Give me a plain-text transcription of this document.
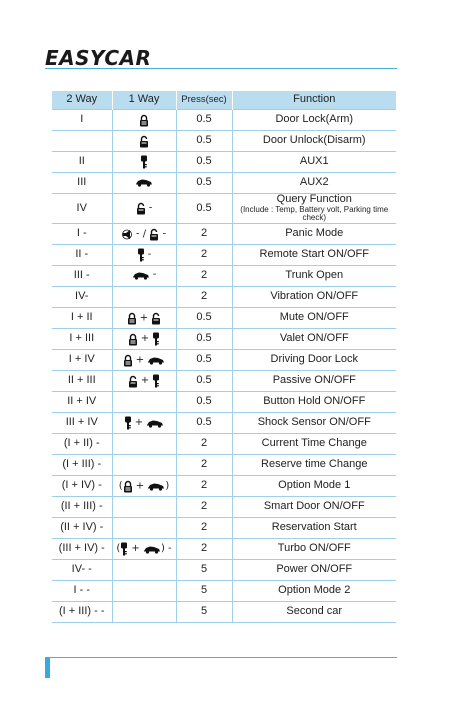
EASYCAR
2 Way	1 Way	Press(sec)	Function
I		0.5	Door Lock(Arm)

		0.5	Door Unlock(Disarm)

II		0.5	AUX1

III		0.5	AUX2

IV	-	0.5	Query Function
(Include : Temp, Battery volt, Parking time check)

I -	- /  -	2	Panic Mode

II -	-	2	Remote Start ON/OFF

III -	-	2	Trunk Open

IV-		2	Vibration ON/OFF

I + II	+	0.5	Mute ON/OFF

I + III	+	0.5	Valet ON/OFF

I + IV	+	0.5	Driving Door Lock

II + III	+	0.5	Passive ON/OFF

II + IV		0.5	Button Hold ON/OFF

III + IV	+	0.5	Shock Sensor ON/OFF

(I + II) -		2	Current Time Change

(I + III) -		2	Reserve time Change

(I + IV) -	( + )	2	Option Mode 1

(II + III) -		2	Smart Door ON/OFF

(II + IV) -		2	Reservation Start

(III + IV) -	( + ) -	2	Turbo ON/OFF

IV- -		5	Power ON/OFF

I - -		5	Option Mode 2

(I + III) - -		5	Second car
